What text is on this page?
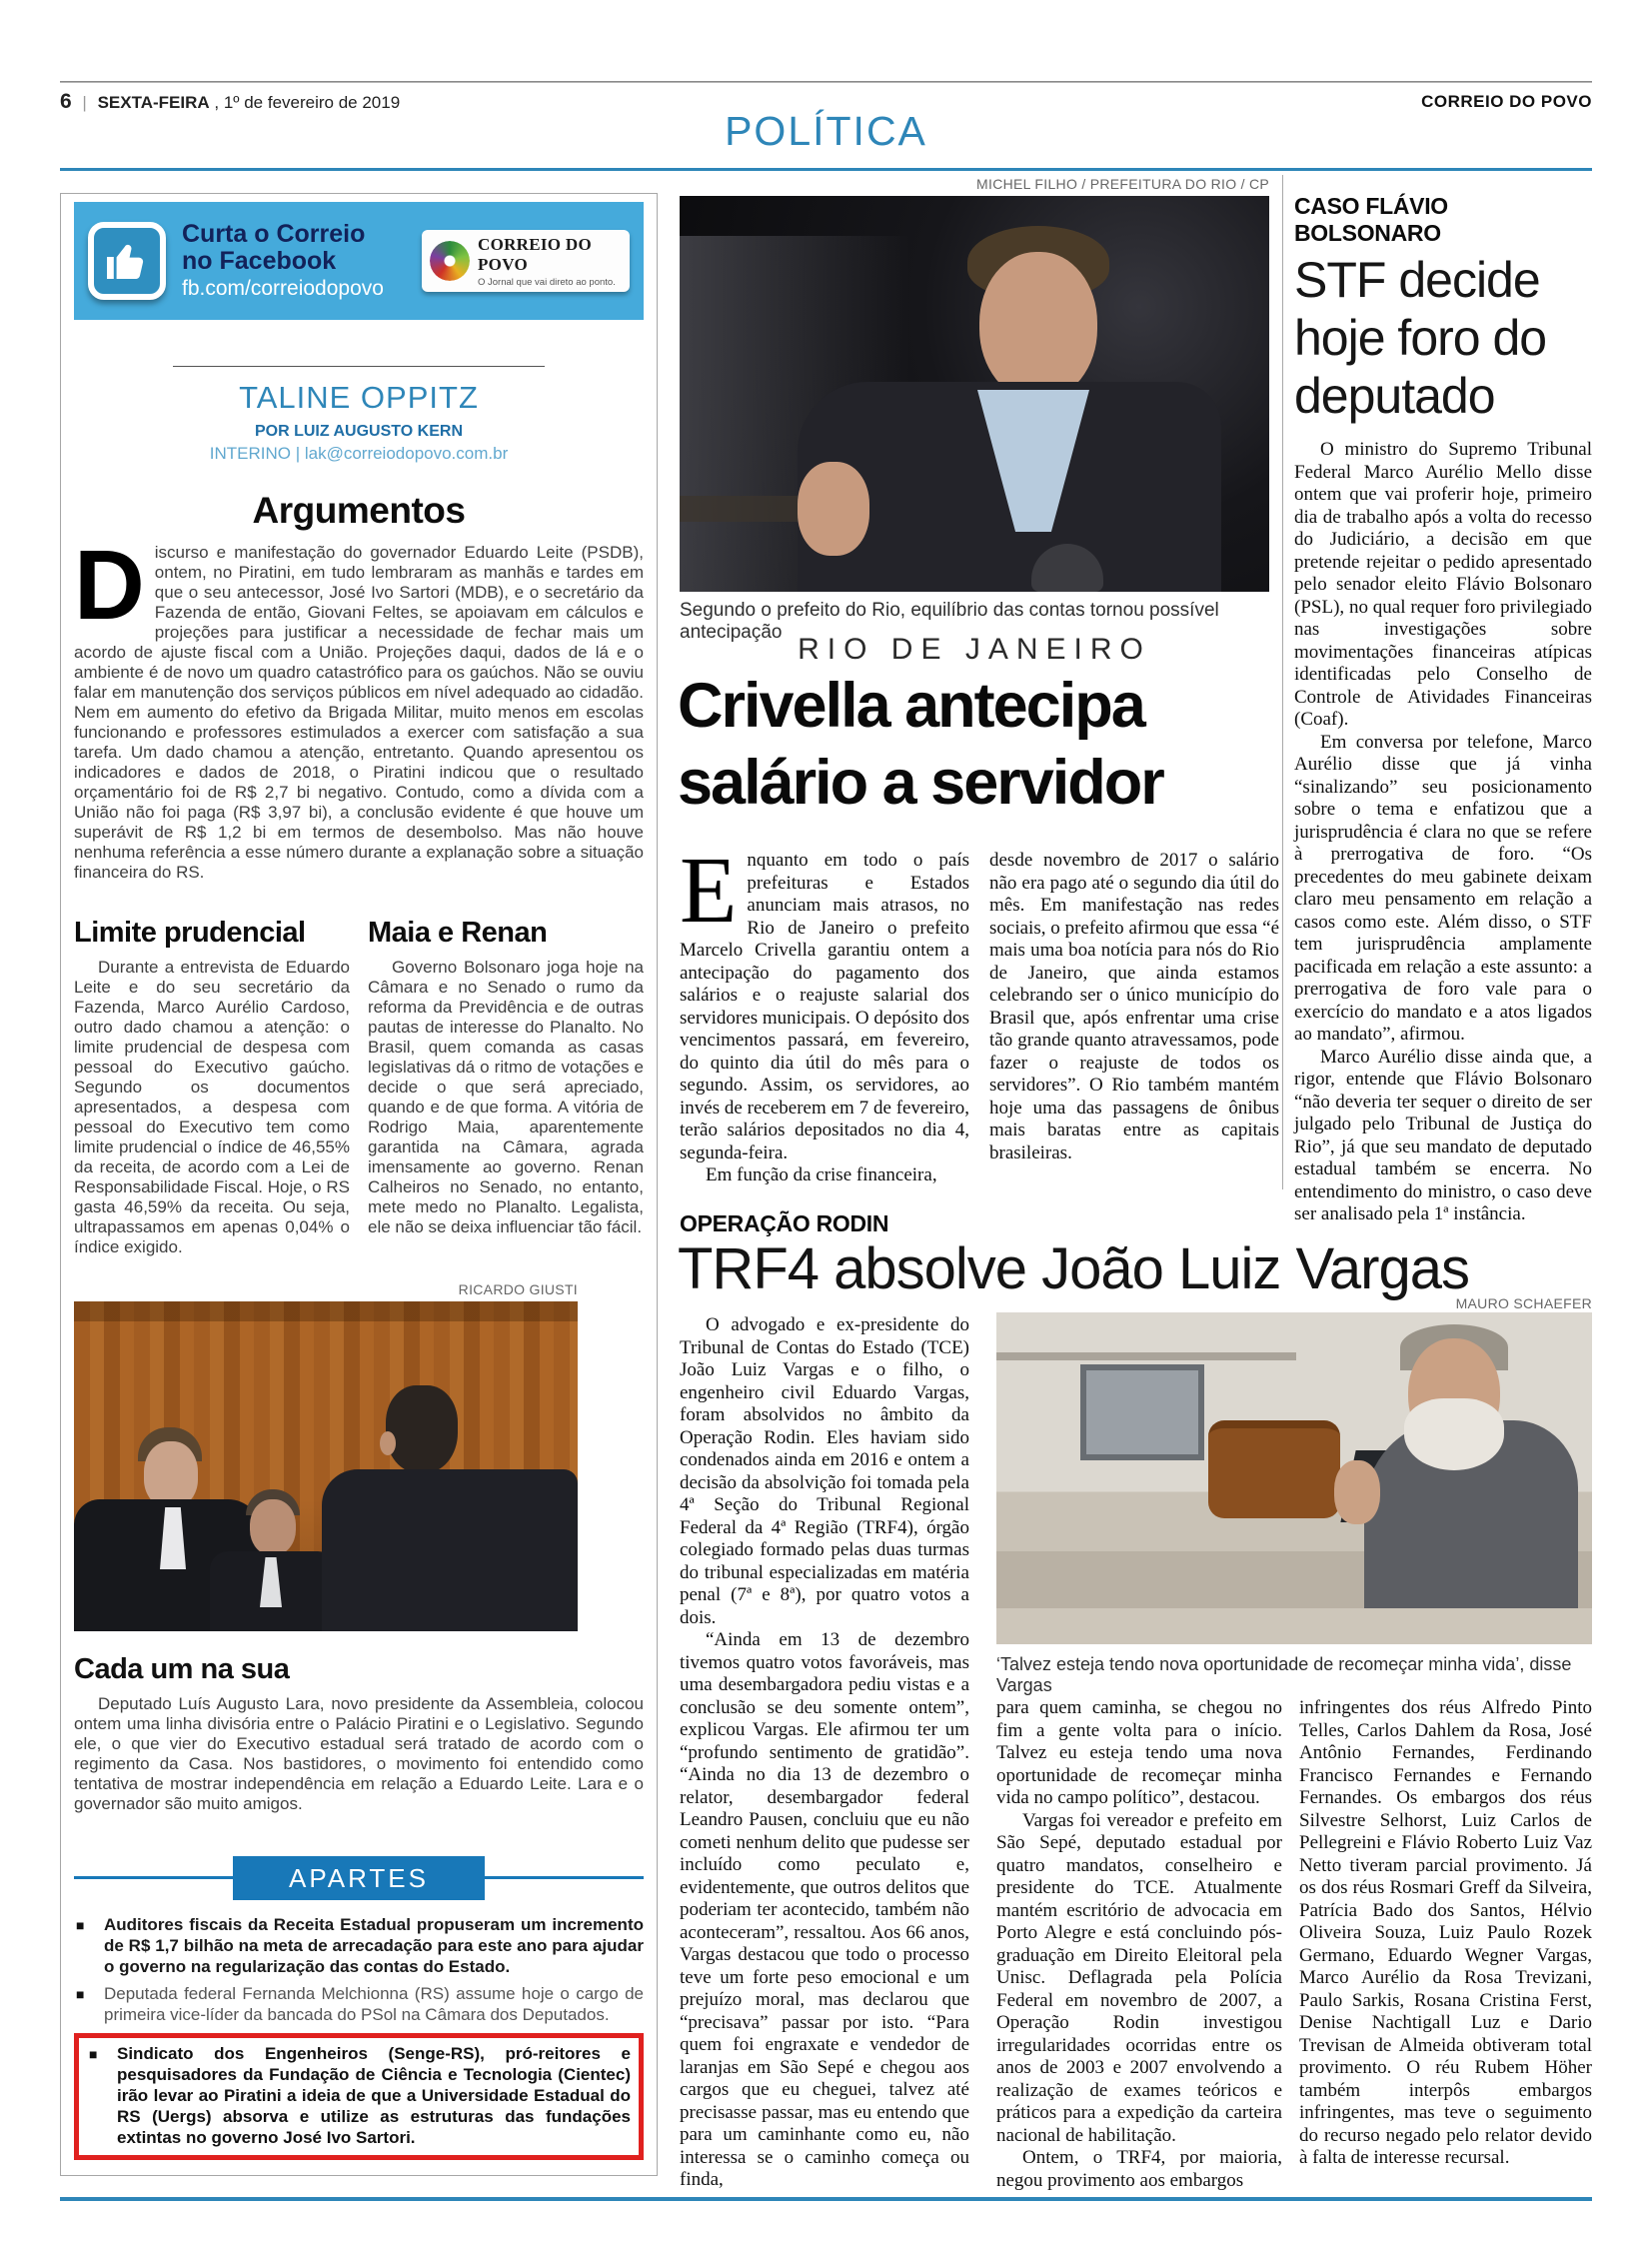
6 | SEXTA-FEIRA , 1º de fevereiro de 2019	CORREIO DO POVO
POLÍTICA
Curta o Correio
no Facebook
fb.com/correiodopovo
CORREIO DO POVO
O Jornal que vai direto ao ponto.
TALINE OPPITZ
POR LUIZ AUGUSTO KERN
INTERINO | lak@correiodopovo.com.br
Argumentos
Discurso e manifestação do governador Eduardo Leite (PSDB), ontem, no Piratini, em tudo lembraram as manhãs e tardes em que o seu antecessor, José Ivo Sartori (MDB), e o secretário da Fazenda de então, Giovani Feltes, se apoiavam em cálculos e projeções para justificar a necessidade de fechar mais um acordo de ajuste fiscal com a União. Projeções daqui, dados de lá e o ambiente é de novo um quadro catastrófico para os gaúchos. Não se ouviu falar em manutenção dos serviços públicos em nível adequado ao cidadão. Nem em aumento do efetivo da Brigada Militar, muito menos em escolas funcionando e professores estimulados a exercer com satisfação a sua tarefa. Um dado chamou a atenção, entretanto. Quando apresentou os indicadores e dados de 2018, o Piratini indicou que o resultado orçamentário foi de R$ 2,7 bi negativo. Contudo, como a dívida com a União não foi paga (R$ 3,97 bi), a conclusão evidente é que houve um superávit de R$ 1,2 bi em termos de desembolso. Mas não houve nenhuma referência a esse número durante a explanação sobre a situação financeira do RS.
Limite prudencial
Durante a entrevista de Eduardo Leite e do seu secretário da Fazenda, Marco Aurélio Cardoso, outro dado chamou a atenção: o limite prudencial de despesa com pessoal do Executivo gaúcho. Segundo os documentos apresentados, a despesa com pessoal do Executivo tem como limite prudencial o índice de 46,55% da receita, de acordo com a Lei de Responsabilidade Fiscal. Hoje, o RS gasta 46,59% da receita. Ou seja, ultrapassamos em apenas 0,04% o índice exigido.
Maia e Renan
Governo Bolsonaro joga hoje na Câmara e no Senado o rumo da reforma da Previdência e de outras pautas de interesse do Planalto. No Brasil, quem comanda as casas legislativas dá o ritmo de votações e decide o que será apreciado, quando e de que forma. A vitória de Rodrigo Maia, aparentemente garantida na Câmara, agrada imensamente ao governo. Renan Calheiros no Senado, no entanto, mete medo no Planalto. Legalista, ele não se deixa influenciar tão fácil.
RICARDO GIUSTI
Cada um na sua
Deputado Luís Augusto Lara, novo presidente da Assembleia, colocou ontem uma linha divisória entre o Palácio Piratini e o Legislativo. Segundo ele, o que vier do Executivo estadual será tratado de acordo com o regimento da Casa. Nos bastidores, o movimento foi entendido como tentativa de mostrar independência em relação a Eduardo Leite. Lara e o governador são muito amigos.
APARTES
■ Auditores fiscais da Receita Estadual propuseram um incremento de R$ 1,7 bilhão na meta de arrecadação para este ano para ajudar o governo na regularização das contas do Estado.
■ Deputada federal Fernanda Melchionna (RS) assume hoje o cargo de primeira vice-líder da bancada do PSol na Câmara dos Deputados.
■ Sindicato dos Engenheiros (Senge-RS), pró-reitores e pesquisadores da Fundação de Ciência e Tecnologia (Cientec) irão levar ao Piratini a ideia de que a Universidade Estadual do RS (Uergs) absorva e utilize as estruturas das fundações extintas no governo José Ivo Sartori.
MICHEL FILHO / PREFEITURA DO RIO / CP
Segundo o prefeito do Rio, equilíbrio das contas tornou possível antecipação
RIO DE JANEIRO
Crivella antecipa
salário a servidor

Enquanto em todo o país prefeituras e Estados anunciam mais atrasos, no Rio de Janeiro o prefeito Marcelo Crivella garantiu ontem a antecipação do pagamento dos salários e o reajuste salarial dos servidores municipais. O depósito dos vencimentos passará, em fevereiro, do quinto dia útil do mês para o segundo. Assim, os servidores, ao invés de receberem em 7 de fevereiro, terão salários depositados no dia 4, segunda-feira.

Em função da crise financeira,

desde novembro de 2017 o salário não era pago até o segundo dia útil do mês. Em manifestação nas redes sociais, o prefeito afirmou que essa “é mais uma boa notícia para nós do Rio de Janeiro, que ainda estamos celebrando ser o único município do Brasil que, após enfrentar uma crise tão grande quanto atravessamos, pode fazer o reajuste de todos os servidores”. O Rio também mantém hoje uma das passagens de ônibus mais baratas entre as capitais brasileiras.

CASO FLÁVIO BOLSONARO
STF decide hoje foro do deputado

O ministro do Supremo Tribunal Federal Marco Aurélio Mello disse ontem que vai proferir hoje, primeiro dia de trabalho após a volta do recesso do Judiciário, a decisão em que pretende rejeitar o pedido apresentado pelo senador eleito Flávio Bolsonaro (PSL), no qual requer foro privilegiado nas investigações sobre movimentações financeiras atípicas identificadas pelo Conselho de Controle de Atividades Financeiras (Coaf).

Em conversa por telefone, Marco Aurélio disse que já vinha “sinalizando” seu posicionamento sobre o tema e enfatizou que a jurisprudência é clara no que se refere à prerrogativa de foro. “Os precedentes do meu gabinete deixam claro meu pensamento em relação a casos como este. Além disso, o STF tem jurisprudência amplamente pacificada em relação a este assunto: a prerrogativa de foro vale para o exercício do mandato e a atos ligados ao mandato”, afirmou.

Marco Aurélio disse ainda que, a rigor, entende que Flávio Bolsonaro “não deveria ter sequer o direito de ser julgado pelo Tribunal de Justiça do Rio”, já que seu mandato de deputado estadual também se encerra. No entendimento do ministro, o caso deve ser analisado pela 1ª instância.

OPERAÇÃO RODIN
TRF4 absolve João Luiz Vargas
MAURO SCHAEFER
‘Talvez esteja tendo nova oportunidade de recomeçar minha vida’, disse Vargas

O advogado e ex-presidente do Tribunal de Contas do Estado (TCE) João Luiz Vargas e o filho, o engenheiro civil Eduardo Vargas, foram absolvidos no âmbito da Operação Rodin. Eles haviam sido condenados ainda em 2016 e ontem a decisão da absolvição foi tomada pela 4ª Seção do Tribunal Regional Federal da 4ª Região (TRF4), órgão colegiado formado pelas duas turmas do tribunal especializadas em matéria penal (7ª e 8ª), por quatro votos a dois.

“Ainda em 13 de dezembro tivemos quatro votos favoráveis, mas uma desembargadora pediu vistas e a conclusão se deu somente ontem”, explicou Vargas. Ele afirmou ter um “profundo sentimento de gratidão”. “Ainda no dia 13 de dezembro o relator, desembargador federal Leandro Pausen, concluiu que eu não cometi nenhum delito que pudesse ser incluído como peculato e, evidentemente, que outros delitos que poderiam ter acontecido, também não aconteceram”, ressaltou. Aos 66 anos, Vargas destacou que todo o processo teve um forte peso emocional e um prejuízo moral, mas declarou que “precisava” passar por isto. “Para quem foi engraxate e vendedor de laranjas em São Sepé e chegou aos cargos que eu cheguei, talvez até precisasse passar, mas eu entendo que para um caminhante como eu, não interessa se o caminho começa ou finda,

para quem caminha, se chegou no fim a gente volta para o início. Talvez eu esteja tendo uma nova oportunidade de recomeçar minha vida no campo político”, destacou.

Vargas foi vereador e prefeito em São Sepé, deputado estadual por quatro mandatos, conselheiro e presidente do TCE. Atualmente mantém escritório de advocacia em Porto Alegre e está concluindo pós-graduação em Direito Eleitoral pela Unisc. Deflagrada pela Polícia Federal em novembro de 2007, a Operação Rodin investigou irregularidades ocorridas entre os anos de 2003 e 2007 envolvendo a realização de exames teóricos e práticos para a expedição da carteira nacional de habilitação.

Ontem, o TRF4, por maioria, negou provimento aos embargos

infringentes dos réus Alfredo Pinto Telles, Carlos Dahlem da Rosa, José Antônio Fernandes, Ferdinando Francisco Fernandes e Fernando Fernandes. Os embargos dos réus Silvestre Selhorst, Luiz Carlos de Pellegreini e Flávio Roberto Luiz Vaz Netto tiveram parcial provimento. Já os dos réus Rosmari Greff da Silveira, Patrícia Bado dos Santos, Hélvio Oliveira Souza, Luiz Paulo Rozek Germano, Eduardo Wegner Vargas, Marco Aurélio da Rosa Trevizani, Paulo Sarkis, Rosana Cristina Ferst, Denise Nachtigall Luz e Dario Trevisan de Almeida obtiveram total provimento. O réu Rubem Höher também interpôs embargos infringentes, mas teve o seguimento do recurso negado pelo relator devido à falta de interesse recursal.
